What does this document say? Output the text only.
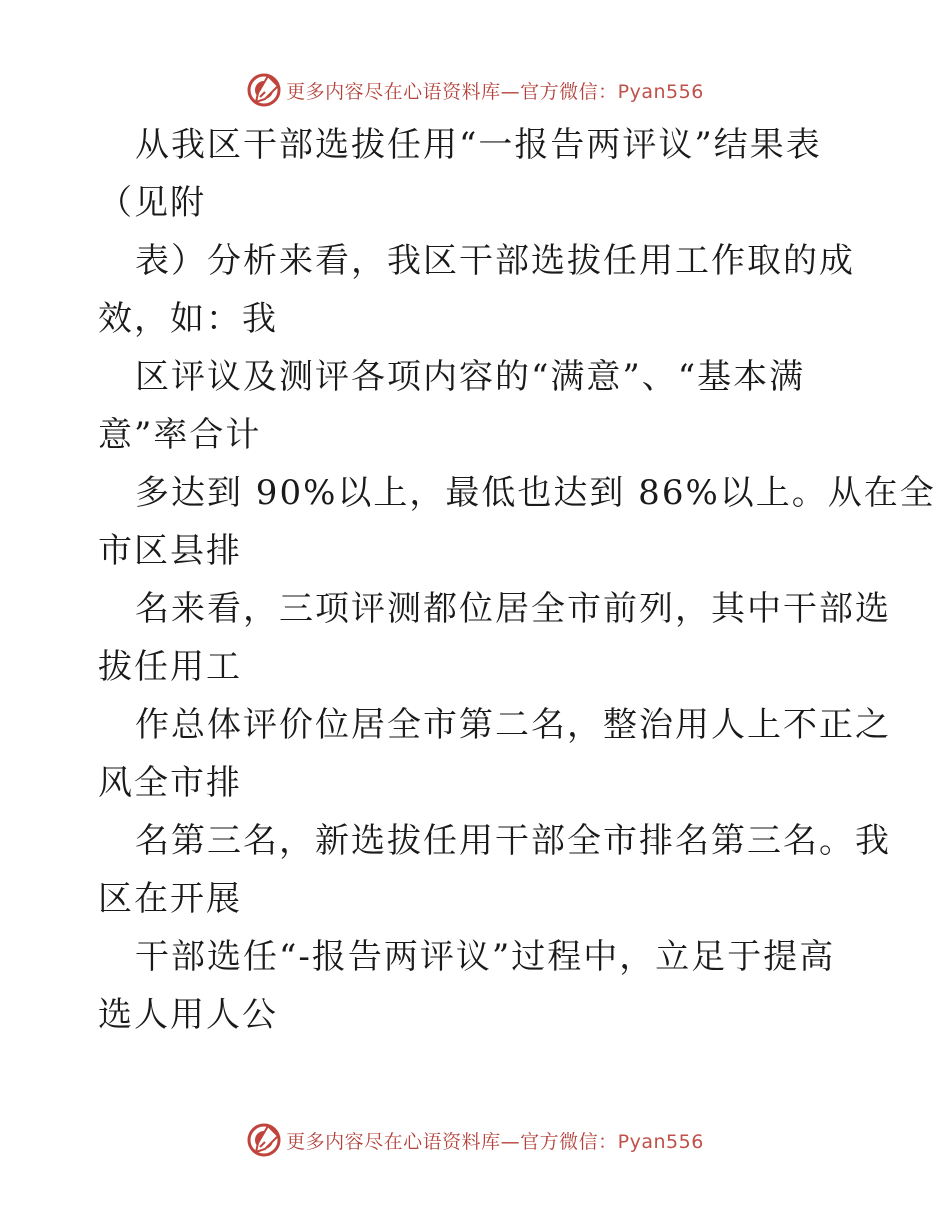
更多内容尽在心语资料库—官方微信：Pyan556
从我区干部选拔任用“一报告两评议”结果表
（见附
表）分析来看，我区干部选拔任用工作取的成
效，如：我
区评议及测评各项内容的“满意”、“基本满
意”率合计
多达到 90%以上，最低也达到 86%以上。从在全
市区县排
名来看，三项评测都位居全市前列，其中干部选
拔任用工
作总体评价位居全市第二名，整治用人上不正之
风全市排
名第三名，新选拔任用干部全市排名第三名。我
区在开展
干部选任“-报告两评议”过程中，立足于提高
选人用人公
更多内容尽在心语资料库—官方微信：Pyan556
